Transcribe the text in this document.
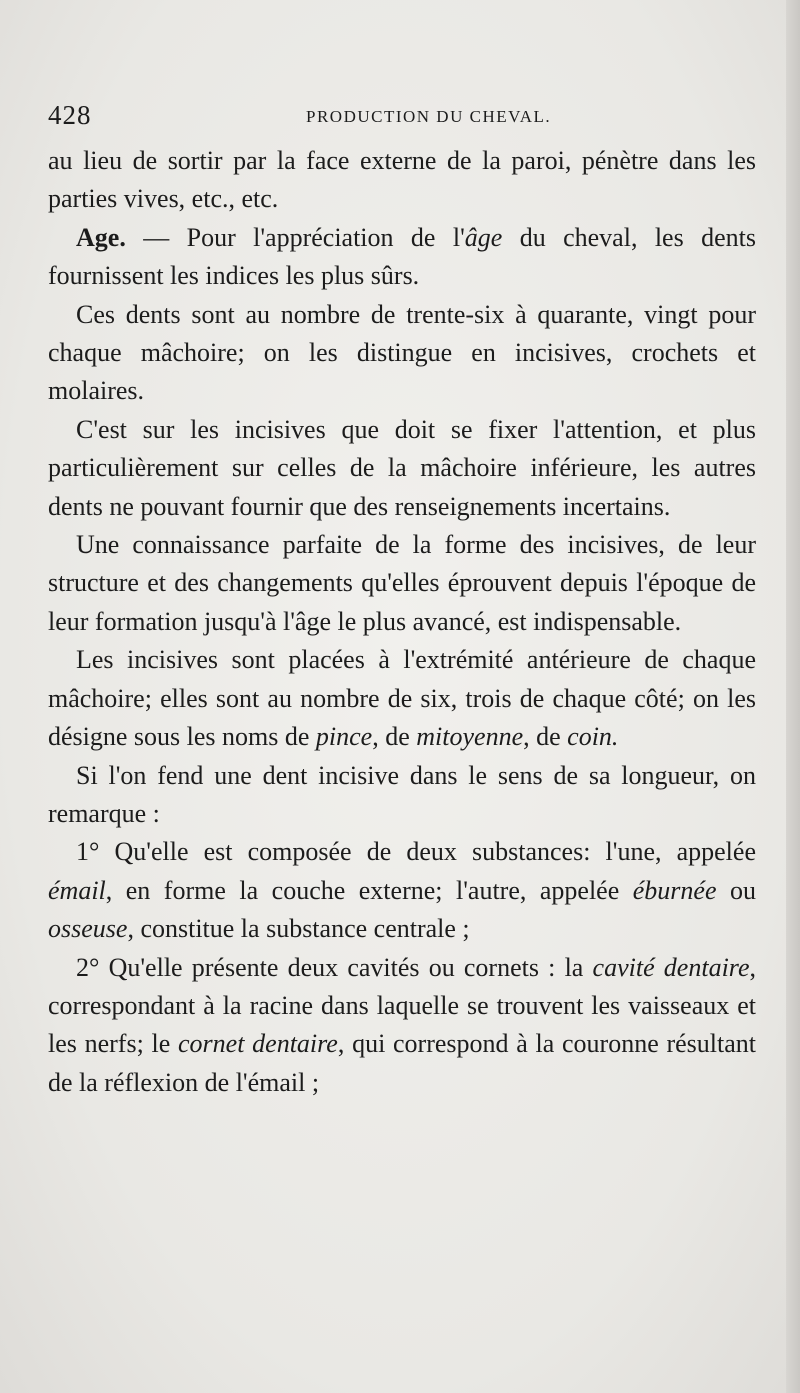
428	PRODUCTION DU CHEVAL.

au lieu de sortir par la face externe de la paroi, pénètre dans les parties vives, etc., etc.

Age. — Pour l'appréciation de l'âge du cheval, les dents fournissent les indices les plus sûrs.

Ces dents sont au nombre de trente-six à quarante, vingt pour chaque mâchoire; on les distingue en incisives, crochets et molaires.

C'est sur les incisives que doit se fixer l'attention, et plus particulièrement sur celles de la mâchoire inférieure, les autres dents ne pouvant fournir que des renseignements incertains.

Une connaissance parfaite de la forme des incisives, de leur structure et des changements qu'elles éprouvent depuis l'époque de leur formation jusqu'à l'âge le plus avancé, est indispensable.

Les incisives sont placées à l'extrémité antérieure de chaque mâchoire; elles sont au nombre de six, trois de chaque côté; on les désigne sous les noms de pince, de mitoyenne, de coin.

Si l'on fend une dent incisive dans le sens de sa longueur, on remarque :

1° Qu'elle est composée de deux substances: l'une, appelée émail, en forme la couche externe; l'autre, appelée éburnée ou osseuse, constitue la substance centrale ;

2° Qu'elle présente deux cavités ou cornets : la cavité dentaire, correspondant à la racine dans laquelle se trouvent les vaisseaux et les nerfs; le cornet dentaire, qui correspond à la couronne résultant de la réflexion de l'émail ;
